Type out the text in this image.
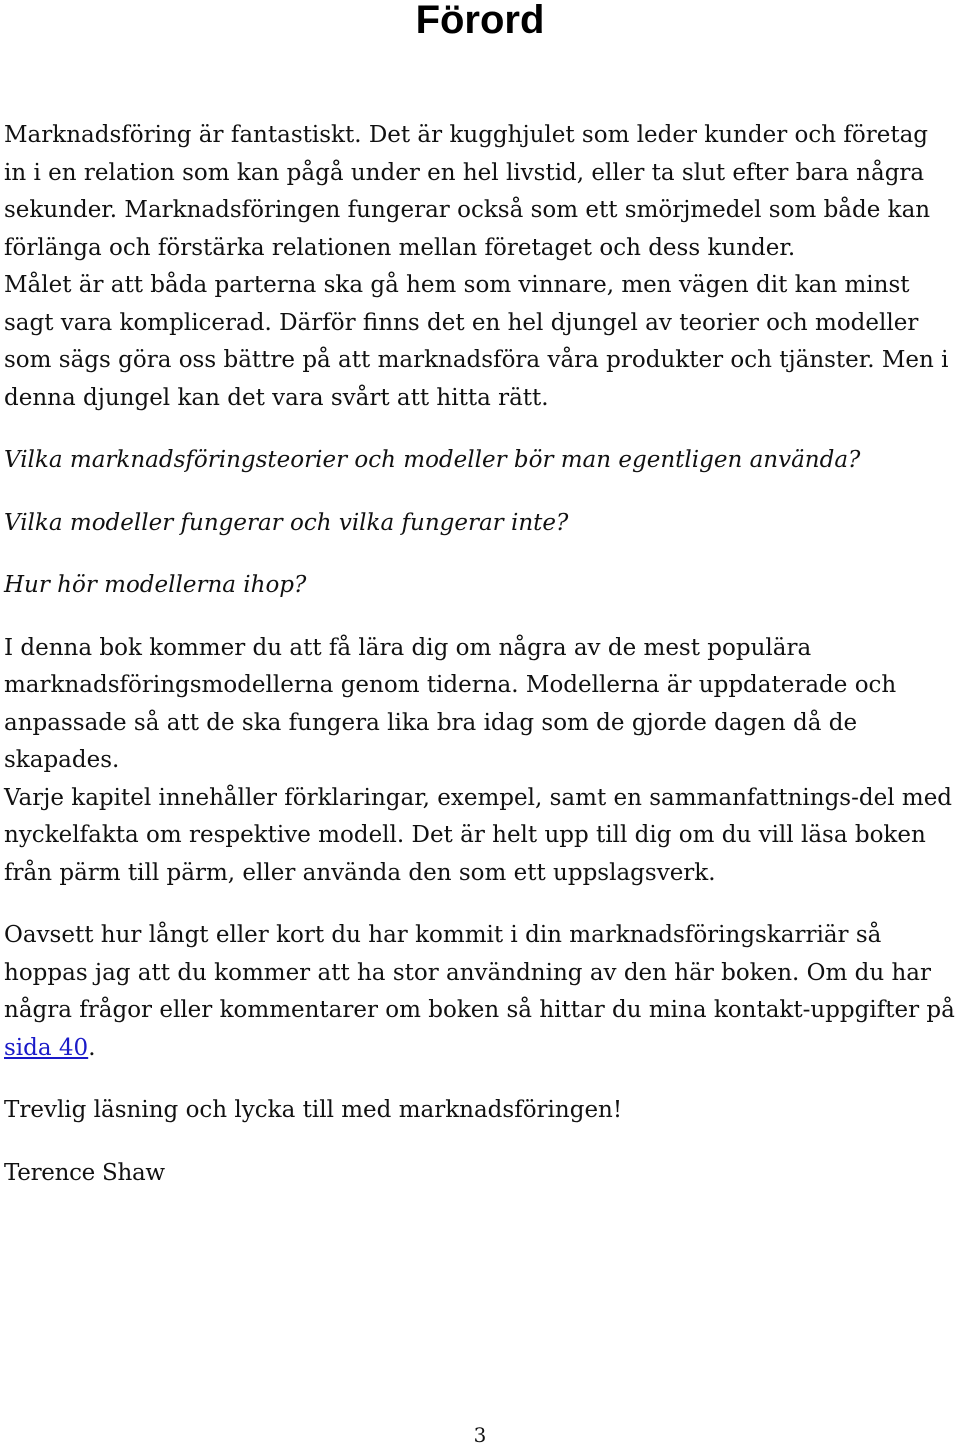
Förord

Marknadsföring är fantastiskt. Det är kugghjulet som leder kunder och företag in i en relation som kan pågå under en hel livstid, eller ta slut efter bara några sekunder. Marknadsföringen fungerar också som ett smörjmedel som både kan förlänga och förstärka relationen mellan företaget och dess kunder.

Målet är att båda parterna ska gå hem som vinnare, men vägen dit kan minst sagt vara komplicerad. Därför finns det en hel djungel av teorier och modeller som sägs göra oss bättre på att marknadsföra våra produkter och tjänster. Men i denna djungel kan det vara svårt att hitta rätt.

Vilka marknadsföringsteorier och modeller bör man egentligen använda?

Vilka modeller fungerar och vilka fungerar inte?

Hur hör modellerna ihop?

I denna bok kommer du att få lära dig om några av de mest populära marknadsföringsmodellerna genom tiderna. Modellerna är uppdaterade och anpassade så att de ska fungera lika bra idag som de gjorde dagen då de skapades.

Varje kapitel innehåller förklaringar, exempel, samt en sammanfattnings-del med nyckelfakta om respektive modell. Det är helt upp till dig om du vill läsa boken från pärm till pärm, eller använda den som ett uppslagsverk.

Oavsett hur långt eller kort du har kommit i din marknadsföringskarriär så hoppas jag att du kommer att ha stor användning av den här boken. Om du har några frågor eller kommentarer om boken så hittar du mina kontakt-uppgifter på sida 40.

Trevlig läsning och lycka till med marknadsföringen!

Terence Shaw

3
